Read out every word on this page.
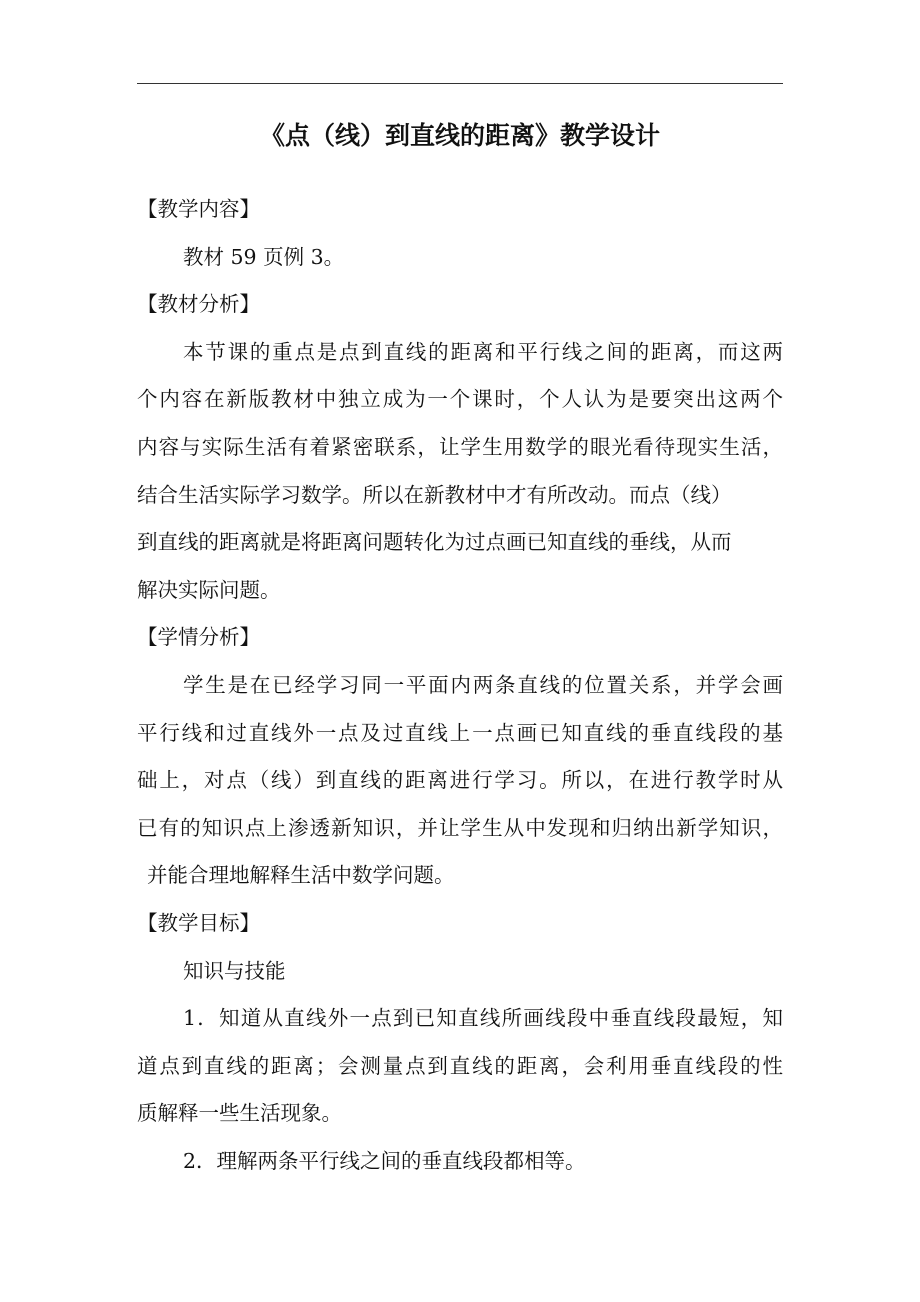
《点（线）到直线的距离》教学设计
【教学内容】
教材 59 页例 3。
【教材分析】
本节课的重点是点到直线的距离和平行线之间的距离，而这两
个内容在新版教材中独立成为一个课时，个人认为是要突出这两个
内容与实际生活有着紧密联系，让学生用数学的眼光看待现实生活，
结合生活实际学习数学。所以在新教材中才有所改动。而点（线）
到直线的距离就是将距离问题转化为过点画已知直线的垂线，从而
解决实际问题。
【学情分析】
学生是在已经学习同一平面内两条直线的位置关系，并学会画
平行线和过直线外一点及过直线上一点画已知直线的垂直线段的基
础上，对点（线）到直线的距离进行学习。所以，在进行教学时从
已有的知识点上渗透新知识，并让学生从中发现和归纳出新学知识，
并能合理地解释生活中数学问题。
【教学目标】
知识与技能
1．知道从直线外一点到已知直线所画线段中垂直线段最短，知
道点到直线的距离；会测量点到直线的距离，会利用垂直线段的性
质解释一些生活现象。
2．理解两条平行线之间的垂直线段都相等。
